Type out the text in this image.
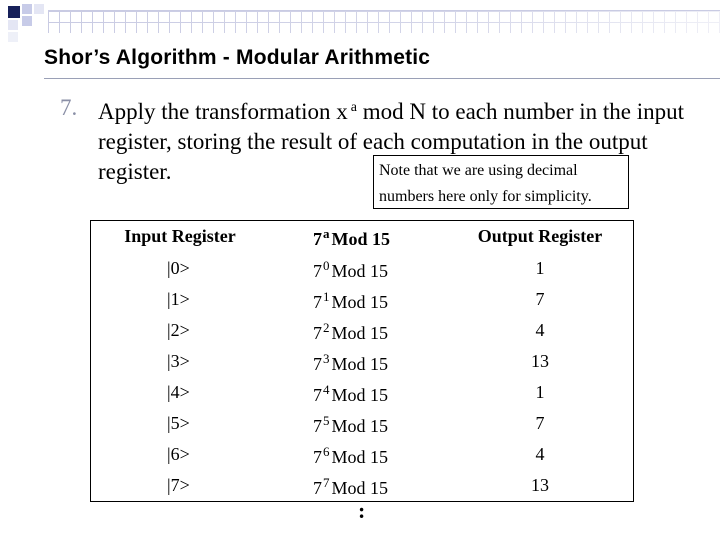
Shor’s Algorithm - Modular Arithmetic
7. Apply the transformation x $^a$ mod N to each number in the input register, storing the result of each computation in the output register.	Note that we are using decimal numbers here only for simplicity.
Input Register	7$^a$ Mod 15	Output Register
|0>	$7^0$ Mod 15	1
|1>	$7^1$ Mod 15	7
|2>	$7^2$ Mod 15	4
|3>	$7^3$ Mod 15	13
|4>	$7^4$ Mod 15	1
|5>	$7^5$ Mod 15	7
|6>	$7^6$ Mod 15	4
|7>	$7^7$ Mod 15	13
:
